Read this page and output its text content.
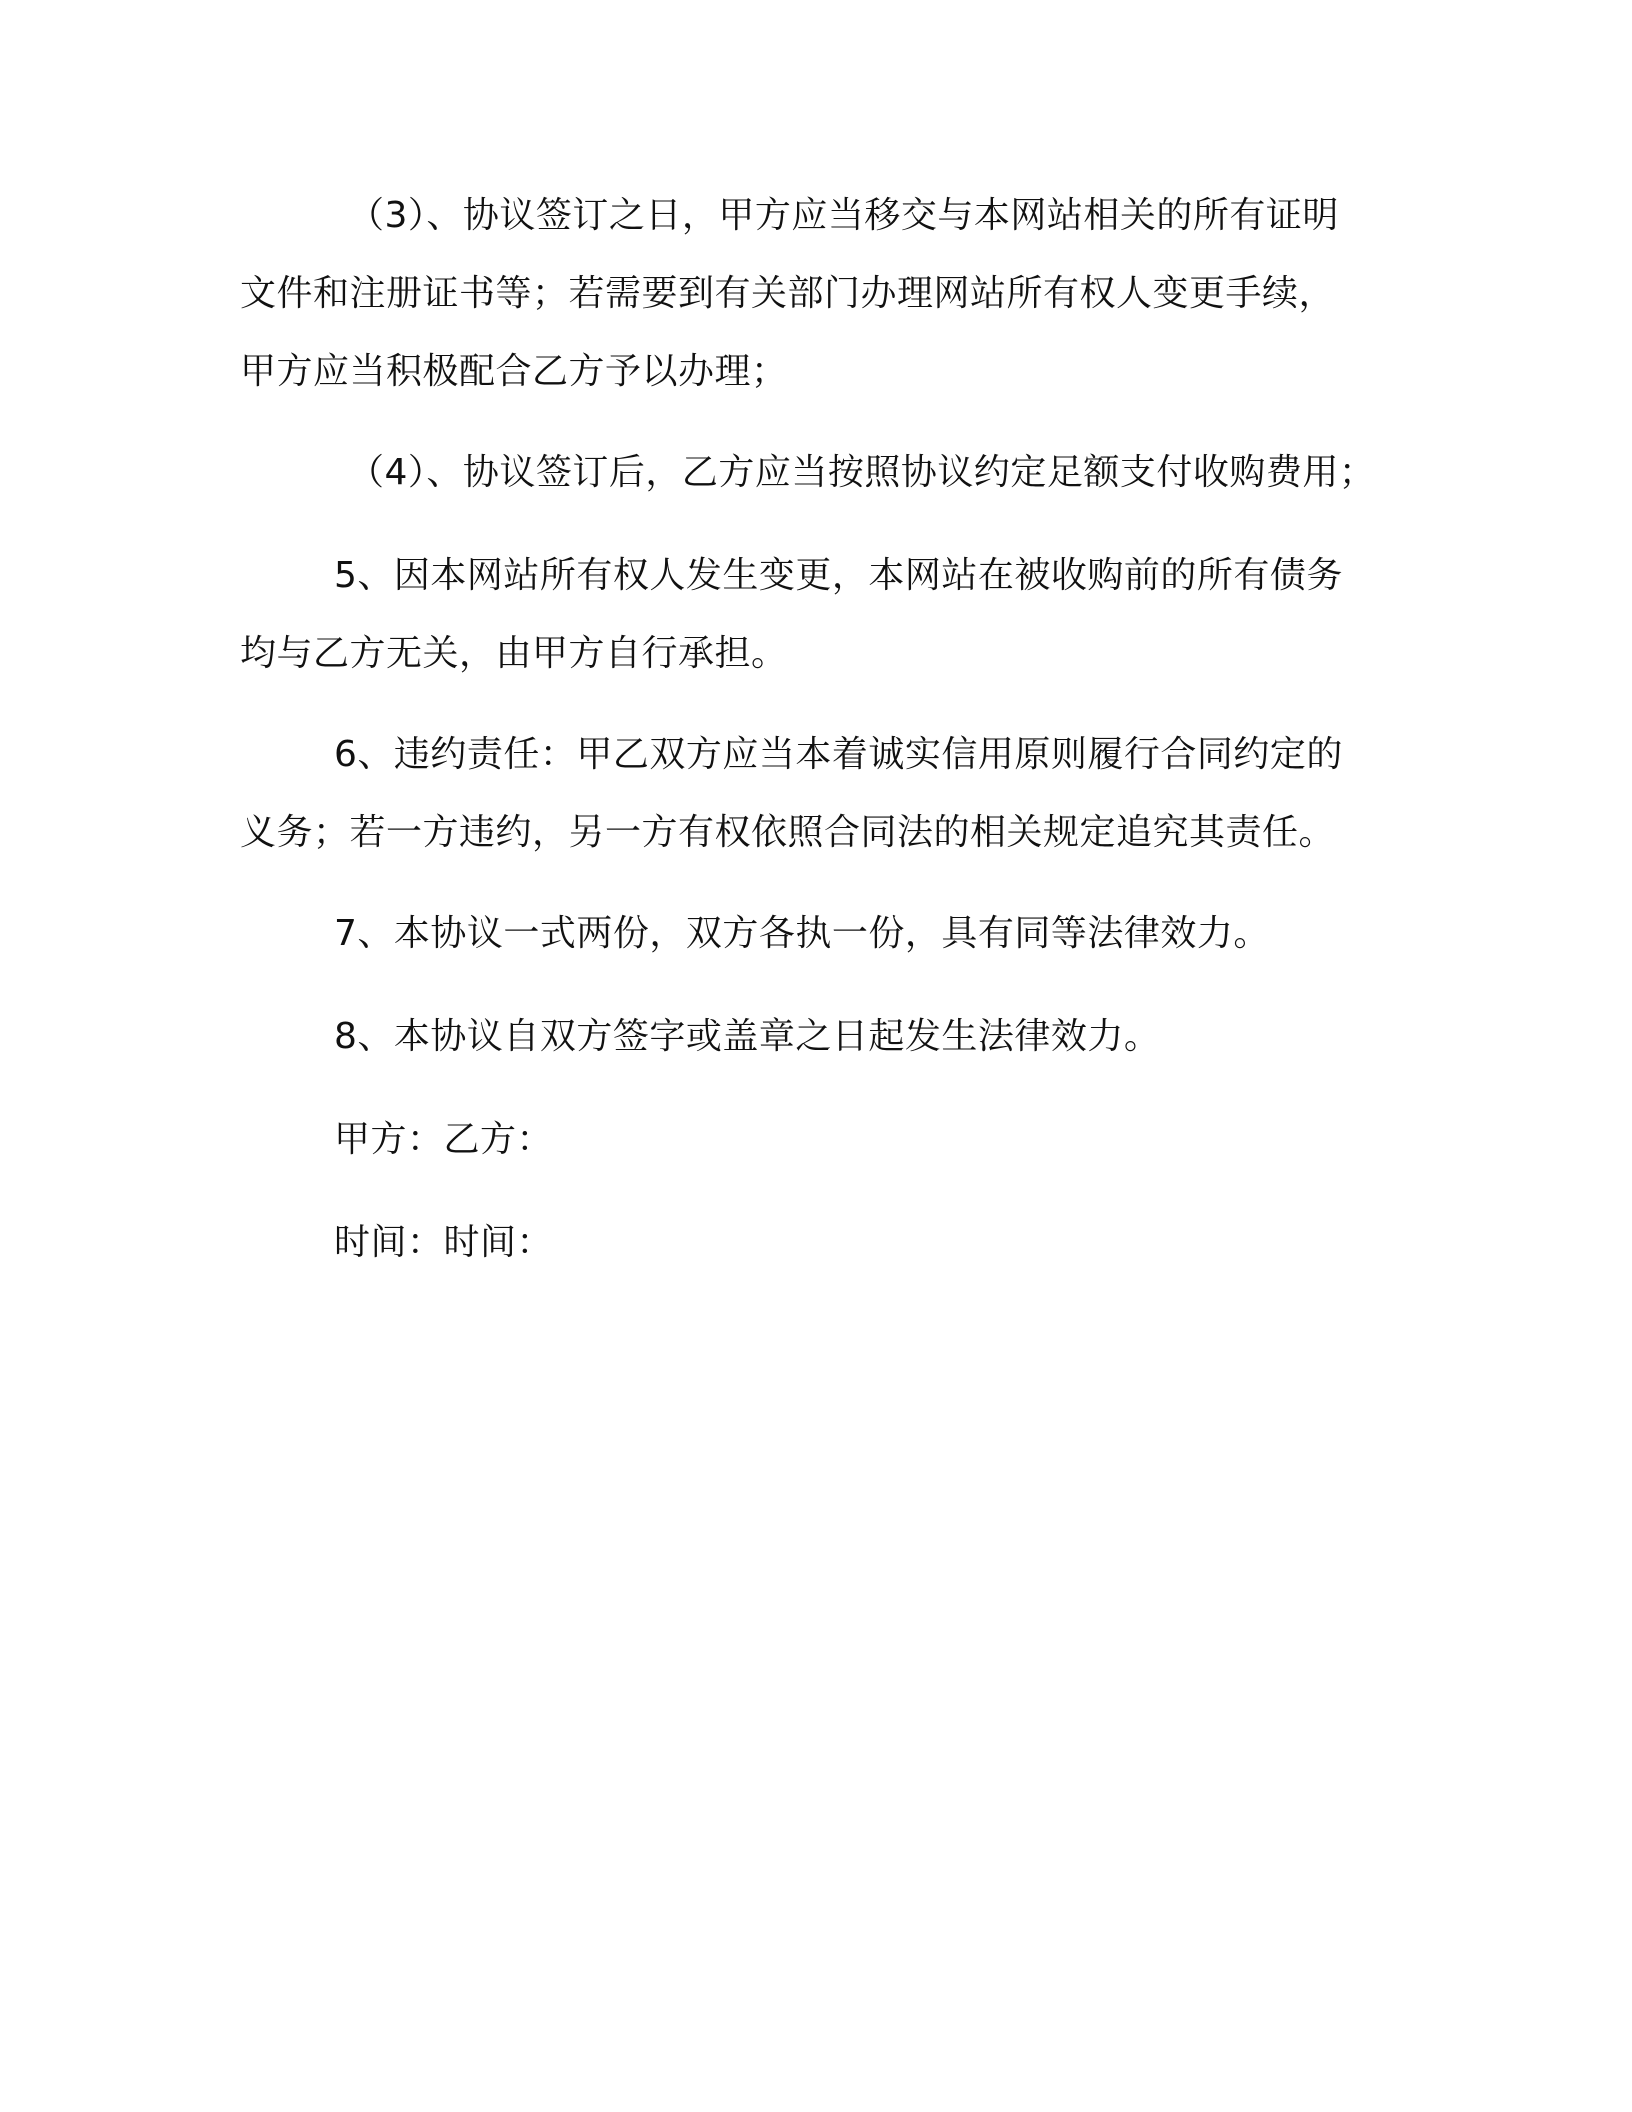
（3）、协议签订之日，甲方应当移交与本网站相关的所有证明
文件和注册证书等；若需要到有关部门办理网站所有权人变更手续，
甲方应当积极配合乙方予以办理；
（4）、协议签订后，乙方应当按照协议约定足额支付收购费用；
5、因本网站所有权人发生变更，本网站在被收购前的所有债务
均与乙方无关，由甲方自行承担。
6、违约责任：甲乙双方应当本着诚实信用原则履行合同约定的
义务；若一方违约，另一方有权依照合同法的相关规定追究其责任。
7、本协议一式两份，双方各执一份，具有同等法律效力。
8、本协议自双方签字或盖章之日起发生法律效力。
甲方：乙方：
时间：时间：
